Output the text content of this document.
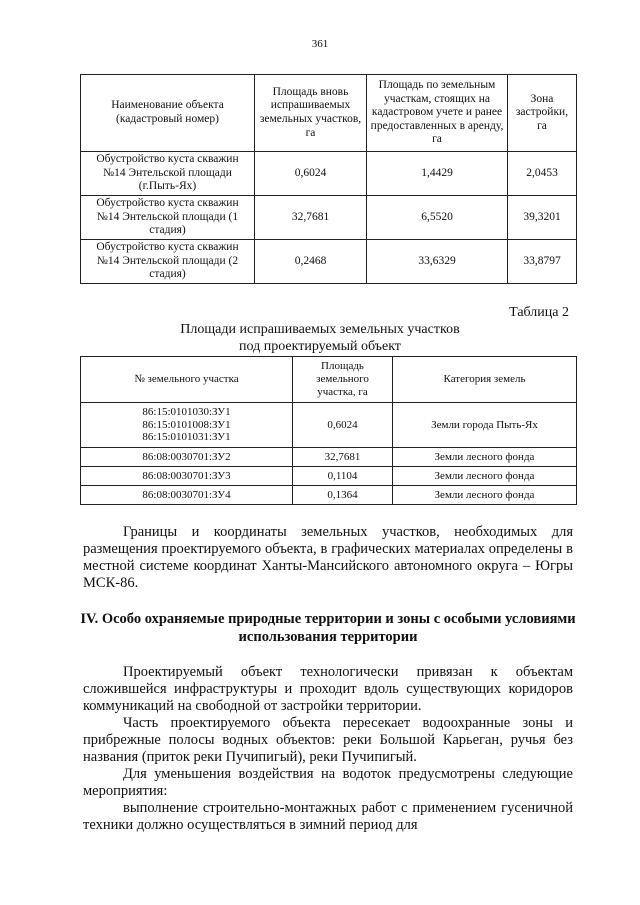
361
Наименование объекта (кадастровый номер)	Площадь вновь испрашиваемых земельных участков, га	Площадь по земельным участкам, стоящих на кадастровом учете и ранее предоставленных в аренду, га	Зона застройки, га
Обустройство куста скважин №14 Энтельской площади (г.Пыть-Ях)	0,6024	1,4429	2,0453
Обустройство куста скважин №14 Энтельской площади (1 стадия)	32,7681	6,5520	39,3201
Обустройство куста скважин №14 Энтельской площади (2 стадия)	0,2468	33,6329	33,8797
Таблица 2
Площади испрашиваемых земельных участков
под проектируемый объект
№ земельного участка	Площадь земельного участка, га	Категория земель

86:15:0101030:ЗУ1
86:15:0101008:ЗУ1
86:15:0101031:ЗУ1	0,6024	Земли города Пыть-Ях
86:08:0030701:ЗУ2	32,7681	Земли лесного фонда
86:08:0030701:ЗУ3	0,1104	Земли лесного фонда
86:08:0030701:ЗУ4	0,1364	Земли лесного фонда

Границы и координаты земельных участков, необходимых для размещения проектируемого объекта, в графических материалах определены в местной системе координат Ханты-Мансийского автономного округа – Югры МСК-86.

IV. Особо охраняемые природные территории и зоны с особыми условиями использования территории

Проектируемый объект технологически привязан к объектам сложившейся инфраструктуры и проходит вдоль существующих коридоров коммуникаций на свободной от застройки территории.

Часть проектируемого объекта пересекает водоохранные зоны и прибрежные полосы водных объектов: реки Большой Карьеган, ручья без названия (приток реки Пучипигый), реки Пучипигый.

Для уменьшения воздействия на водоток предусмотрены следующие мероприятия:

выполнение строительно-монтажных работ с применением гусеничной техники должно осуществляться в зимний период для
